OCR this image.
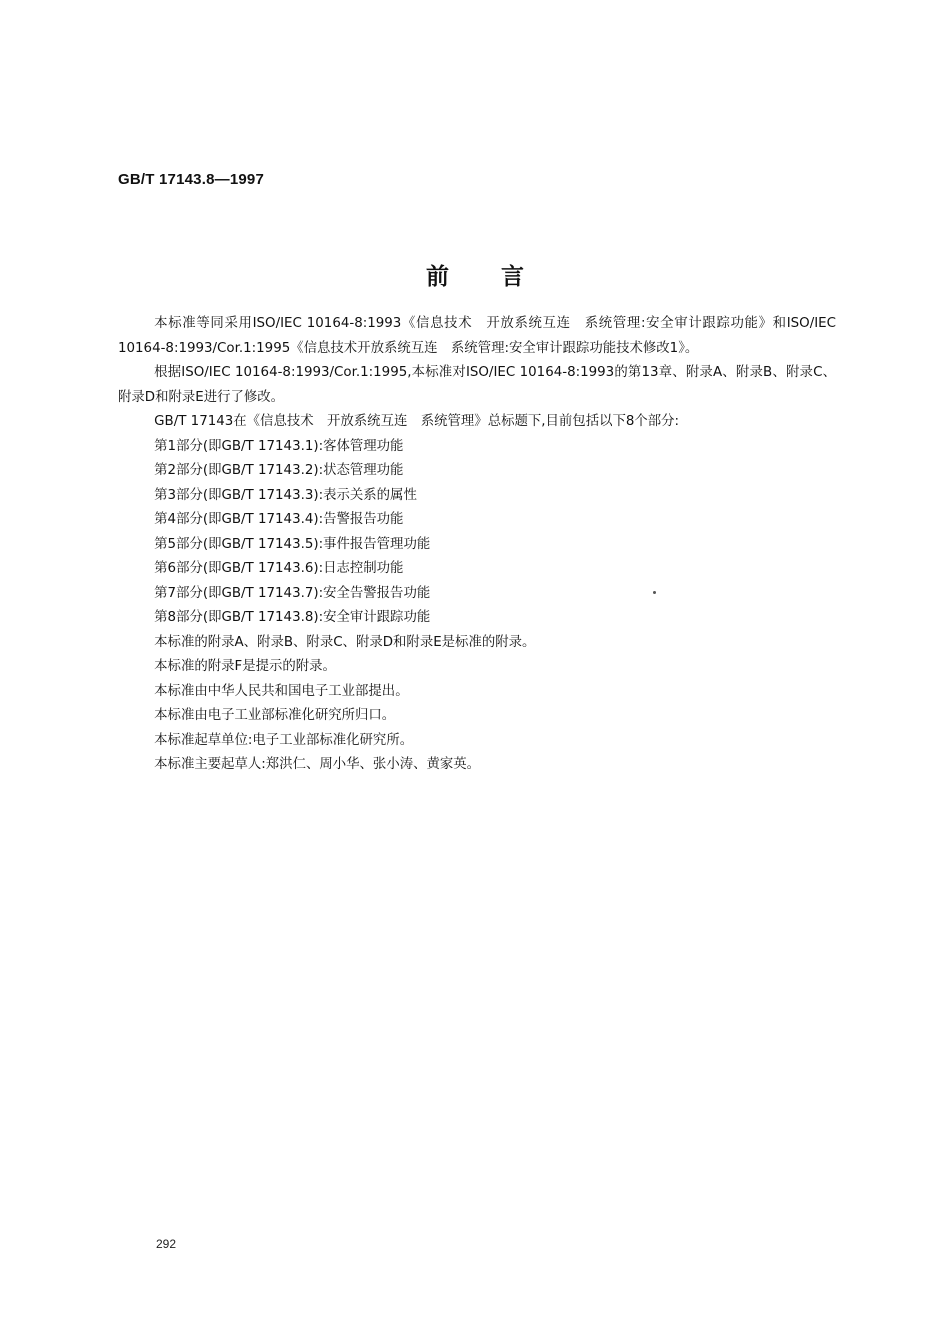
GB/T 17143.8—1997
前言

本标准等同采用ISO/IEC 10164-8:1993《信息技术　开放系统互连　系统管理:安全审计跟踪功能》和ISO/IEC 10164-8:1993/Cor.1:1995《信息技术开放系统互连　系统管理:安全审计跟踪功能技术修改1》。

根据ISO/IEC 10164-8:1993/Cor.1:1995,本标准对ISO/IEC 10164-8:1993的第13章、附录A、附录B、附录C、附录D和附录E进行了修改。

GB/T 17143在《信息技术　开放系统互连　系统管理》总标题下,目前包括以下8个部分:

第1部分(即GB/T 17143.1):客体管理功能
第2部分(即GB/T 17143.2):状态管理功能
第3部分(即GB/T 17143.3):表示关系的属性
第4部分(即GB/T 17143.4):告警报告功能
第5部分(即GB/T 17143.5):事件报告管理功能
第6部分(即GB/T 17143.6):日志控制功能
第7部分(即GB/T 17143.7):安全告警报告功能
第8部分(即GB/T 17143.8):安全审计跟踪功能

本标准的附录A、附录B、附录C、附录D和附录E是标准的附录。

本标准的附录F是提示的附录。

本标准由中华人民共和国电子工业部提出。

本标准由电子工业部标准化研究所归口。

本标准起草单位:电子工业部标准化研究所。

本标准主要起草人:郑洪仁、周小华、张小涛、黄家英。

292
